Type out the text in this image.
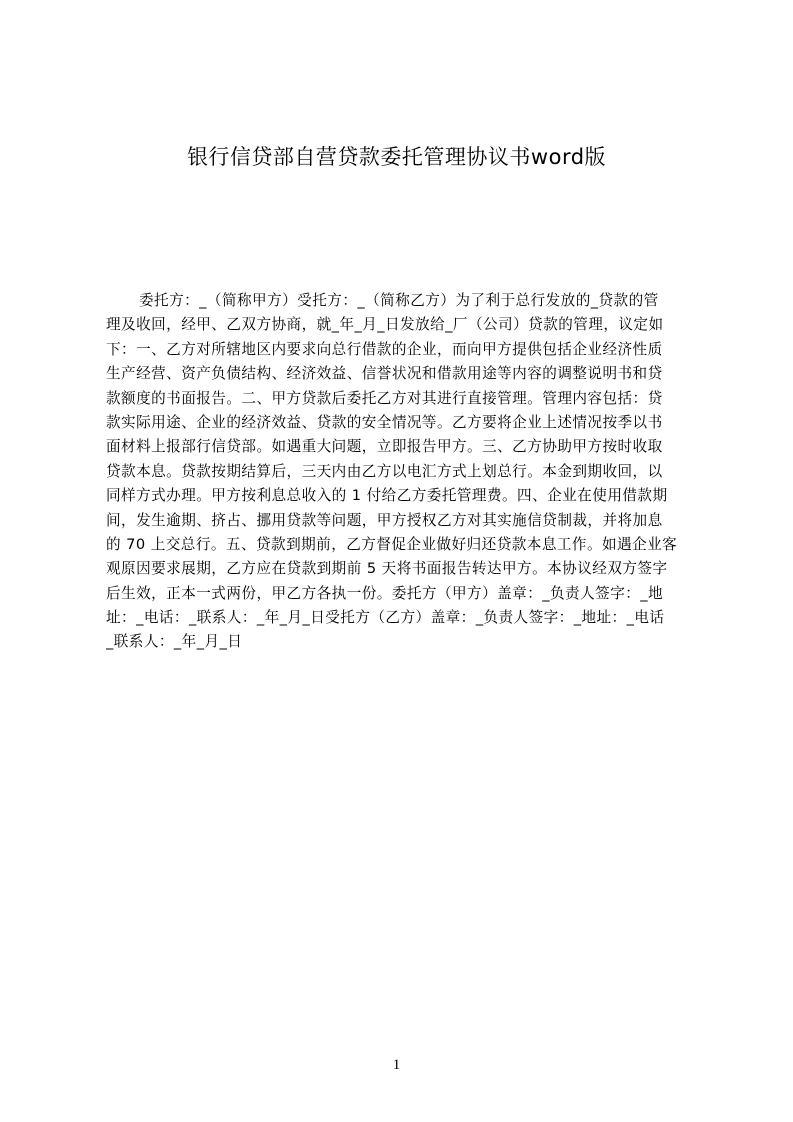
银行信贷部自营贷款委托管理协议书word版
委托方：_（简称甲方）受托方：_（简称乙方）为了利于总行发放的_贷款的管
理及收回，经甲、乙双方协商，就_年_月_日发放给_厂（公司）贷款的管理，议定如
下：一、乙方对所辖地区内要求向总行借款的企业，而向甲方提供包括企业经济性质
生产经营、资产负债结构、经济效益、信誉状况和借款用途等内容的调整说明书和贷
款额度的书面报告。二、甲方贷款后委托乙方对其进行直接管理。管理内容包括：贷
款实际用途、企业的经济效益、贷款的安全情况等。乙方要将企业上述情况按季以书
面材料上报部行信贷部。如遇重大问题，立即报告甲方。三、乙方协助甲方按时收取
贷款本息。贷款按期结算后，三天内由乙方以电汇方式上划总行。本金到期收回，以
同样方式办理。甲方按利息总收入的 1 付给乙方委托管理费。四、企业在使用借款期
间，发生逾期、挤占、挪用贷款等问题，甲方授权乙方对其实施信贷制裁，并将加息
的 70 上交总行。五、贷款到期前，乙方督促企业做好归还贷款本息工作。如遇企业客
观原因要求展期，乙方应在贷款到期前 5 天将书面报告转达甲方。本协议经双方签字
后生效，正本一式两份，甲乙方各执一份。委托方（甲方）盖章：_负责人签字：_地
址：_电话：_联系人：_年_月_日受托方（乙方）盖章：_负责人签字：_地址：_电话
_联系人：_年_月_日
1
